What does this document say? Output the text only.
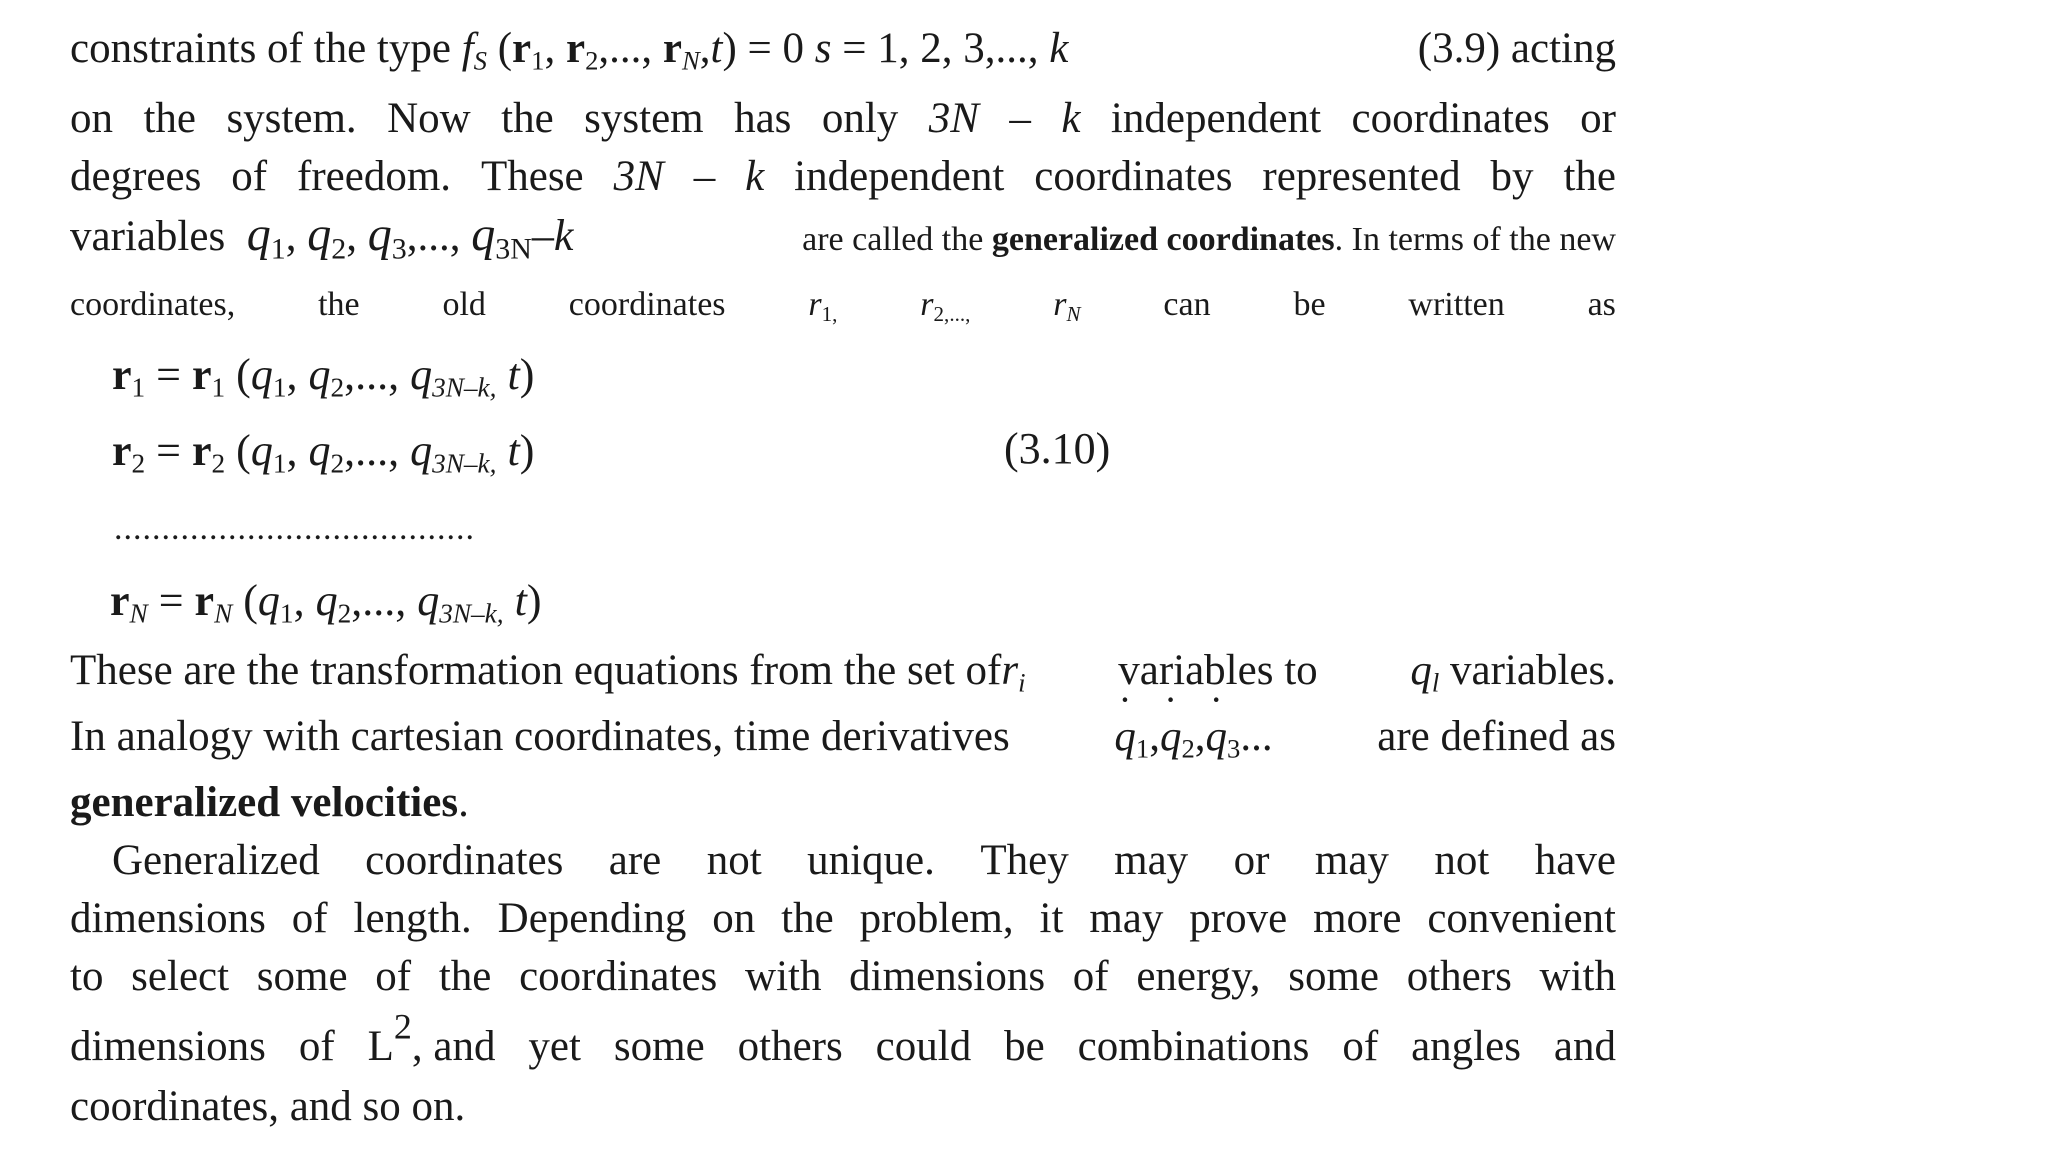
constraints of the type $f_S$ ($r_1$, $r_2$,..., $r_N,t) = 0$ s = 1, 2, 3,..., k	(3.9) acting
on the system. Now the system has only 3N – k independent coordinates or
degrees of freedom. These 3N – k independent coordinates represented by the
variables $q_1$, $q_2$, $q_3$,..., $q_{3N}-k$	are called the generalized coordinates. In terms of the new
coordinates, the old coordinates $r_{1,}$ $r_{2,...,}$ $r_N$ can be written as
$r_1 = r_1$ ($q_1$, $q_2$,..., $q_{3N-k,}$ t)
$r_2 = r_2$ ($q_1$, $q_2$,..., $q_{3N-k,}$ t)	(3.10)
......................................
$r_N = r_N$ ($q_1$, $q_2$,..., $q_{3N-k,}$ t)
These are the transformation equations from the set ofr$_i$ variables to $q_l$ variables.
In analogy with cartesian coordinates, time derivatives
˙ $q_1,˙$ $q_2,˙$ $q_3$... are defined as
generalized velocities.
Generalized coordinates are not unique. They may or may not have
dimensions of length. Depending on the problem, it may prove more convenient
to select some of the coordinates with dimensions of energy, some others with
dimensions of $L^2$, and yet some others could be combinations of angles and
coordinates, and so on.
